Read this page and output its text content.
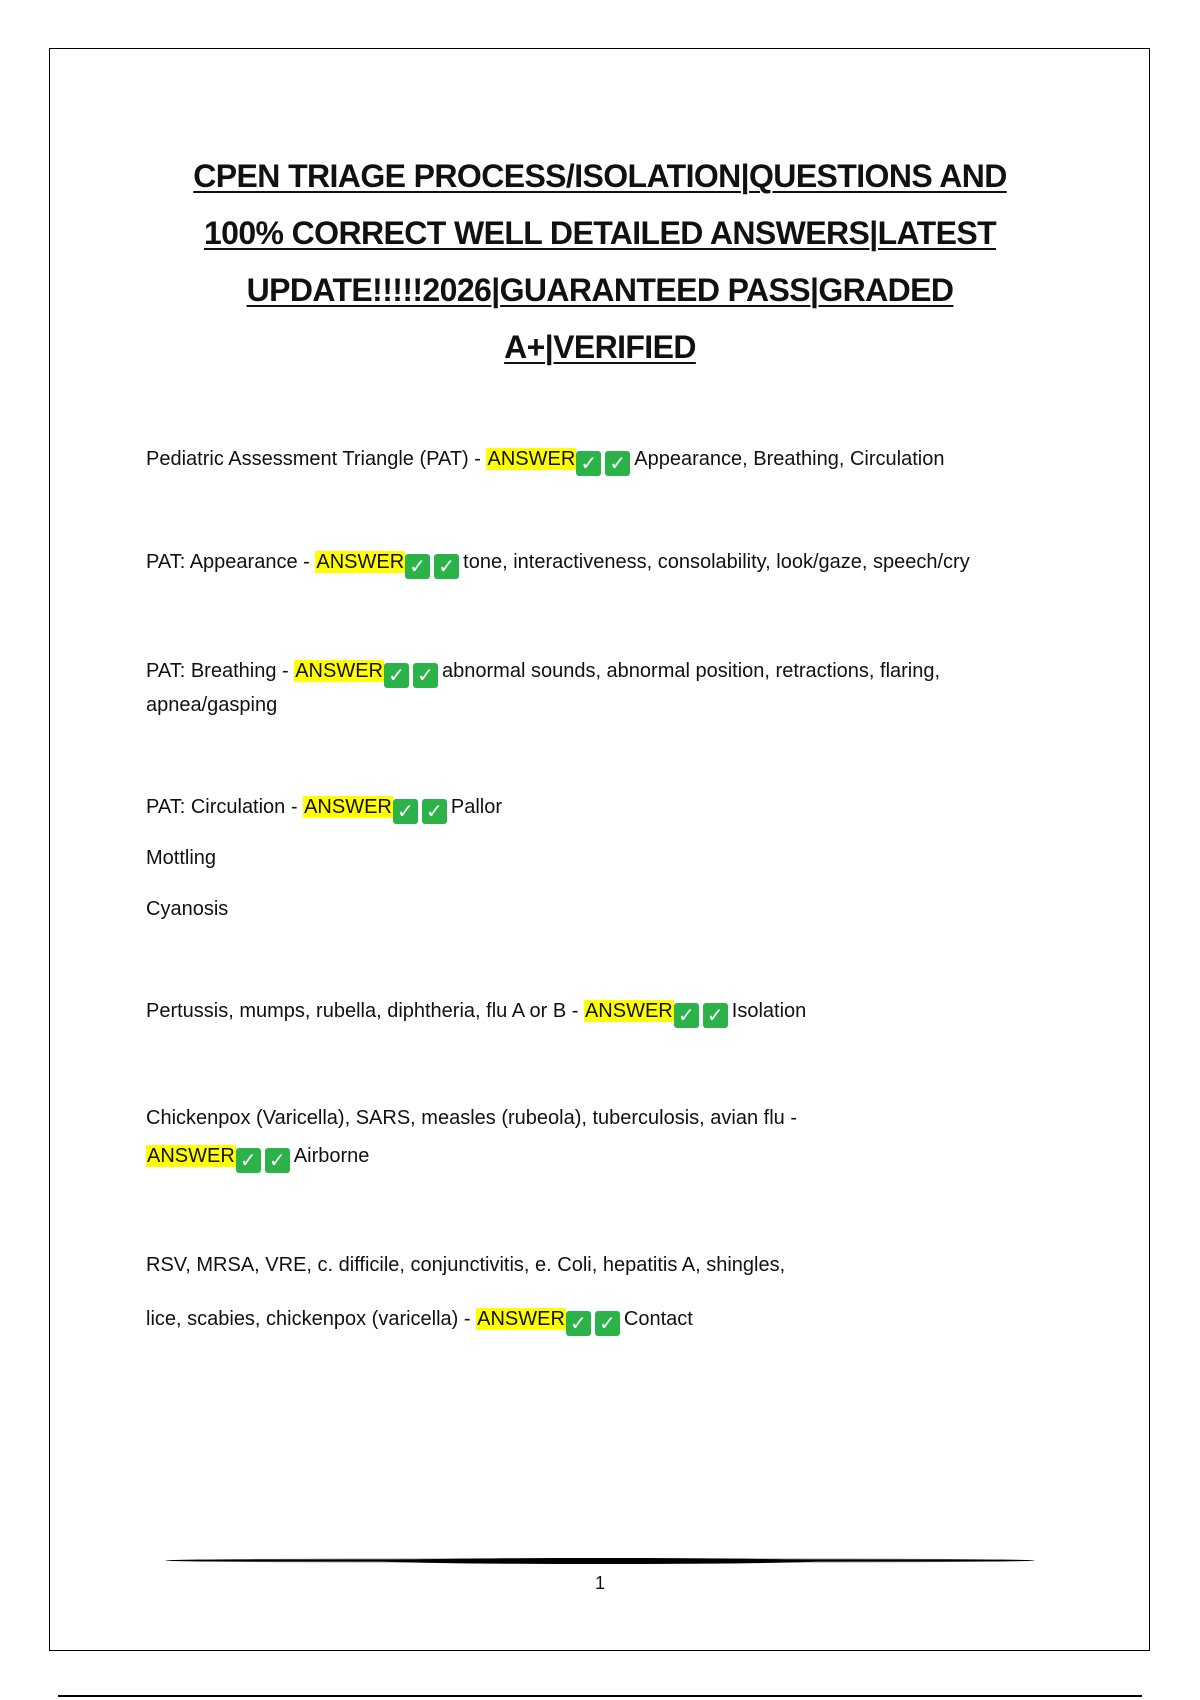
CPEN TRIAGE PROCESS/ISOLATION|QUESTIONS AND
100% CORRECT WELL DETAILED ANSWERS|LATEST
UPDATE!!!!!2026|GUARANTEED PASS|GRADED
A+|VERIFIED

Pediatric Assessment Triangle (PAT) - ANSWER ✓ ✓ Appearance, Breathing, Circulation

PAT: Appearance - ANSWER ✓ ✓ tone, interactiveness, consolability, look/gaze, speech/cry

PAT: Breathing - ANSWER ✓ ✓ abnormal sounds, abnormal position, retractions, flaring, apnea/gasping

PAT: Circulation - ANSWER ✓ ✓ Pallor

Mottling

Cyanosis

Pertussis, mumps, rubella, diphtheria, flu A or B - ANSWER ✓ ✓ Isolation

Chickenpox (Varicella), SARS, measles (rubeola), tuberculosis, avian flu -
ANSWER ✓ ✓ Airborne

RSV, MRSA, VRE, c. difficile, conjunctivitis, e. Coli, hepatitis A, shingles,
lice, scabies, chickenpox (varicella) - ANSWER ✓ ✓ Contact

1
